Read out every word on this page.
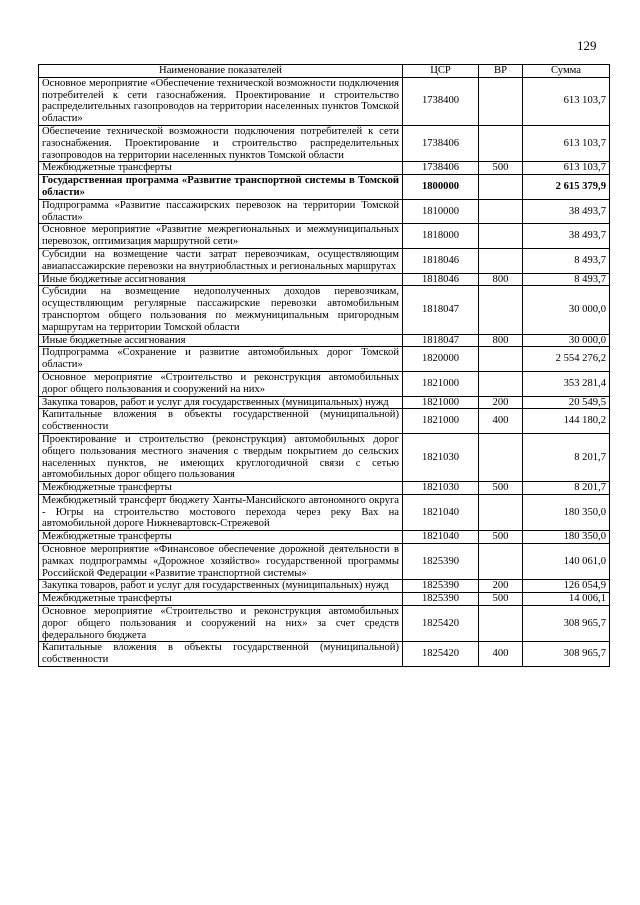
129
Наименование показателей	ЦСР	ВР	Сумма
Основное мероприятие «Обеспечение технической возможности подключения потребителей к сети газоснабжения. Проектирование и строительство распределительных газопроводов на территории населенных пунктов Томской области»	1738400		613 103,7
Обеспечение технической возможности подключения потребителей к сети газоснабжения. Проектирование и строительство распределительных газопроводов на территории населенных пунктов Томской области	1738406		613 103,7
Межбюджетные трансферты	1738406	500	613 103,7
Государственная программа «Развитие транспортной системы в Томской области»	1800000		2 615 379,9
Подпрограмма «Развитие пассажирских перевозок на территории Томской области»	1810000		38 493,7
Основное мероприятие «Развитие межрегиональных и межмуниципальных перевозок, оптимизация маршрутной сети»	1818000		38 493,7
Субсидии на возмещение части затрат перевозчикам, осуществляющим авиапассажирские перевозки на внутриобластных и региональных маршрутах	1818046		8 493,7
Иные бюджетные ассигнования	1818046	800	8 493,7
Субсидии на возмещение недополученных доходов перевозчикам, осуществляющим регулярные пассажирские перевозки автомобильным транспортом общего пользования по межмуниципальным пригородным маршрутам на территории Томской области	1818047		30 000,0
Иные бюджетные ассигнования	1818047	800	30 000,0
Подпрограмма «Сохранение и развитие автомобильных дорог Томской области»	1820000		2 554 276,2
Основное мероприятие «Строительство и реконструкция автомобильных дорог общего пользования и сооружений на них»	1821000		353 281,4
Закупка товаров, работ и услуг для государственных (муниципальных) нужд	1821000	200	20 549,5
Капитальные вложения в объекты государственной (муниципальной) собственности	1821000	400	144 180,2
Проектирование и строительство (реконструкция) автомобильных дорог общего пользования местного значения с твердым покрытием до сельских населенных пунктов, не имеющих круглогодичной связи с сетью автомобильных дорог общего пользования	1821030		8 201,7
Межбюджетные трансферты	1821030	500	8 201,7
Межбюджетный трансферт бюджету Ханты-Мансийского автономного округа - Югры на строительство мостового перехода через реку Вах на автомобильной дороге Нижневартовск-Стрежевой	1821040		180 350,0
Межбюджетные трансферты	1821040	500	180 350,0
Основное мероприятие «Финансовое обеспечение дорожной деятельности в рамках подпрограммы «Дорожное хозяйство» государственной программы Российской Федерации «Развитие транспортной системы»	1825390		140 061,0
Закупка товаров, работ и услуг для государственных (муниципальных) нужд	1825390	200	126 054,9
Межбюджетные трансферты	1825390	500	14 006,1
Основное мероприятие «Строительство и реконструкция автомобильных дорог общего пользования и сооружений на них» за счет средств федерального бюджета	1825420		308 965,7
Капитальные вложения в объекты государственной (муниципальной) собственности	1825420	400	308 965,7
